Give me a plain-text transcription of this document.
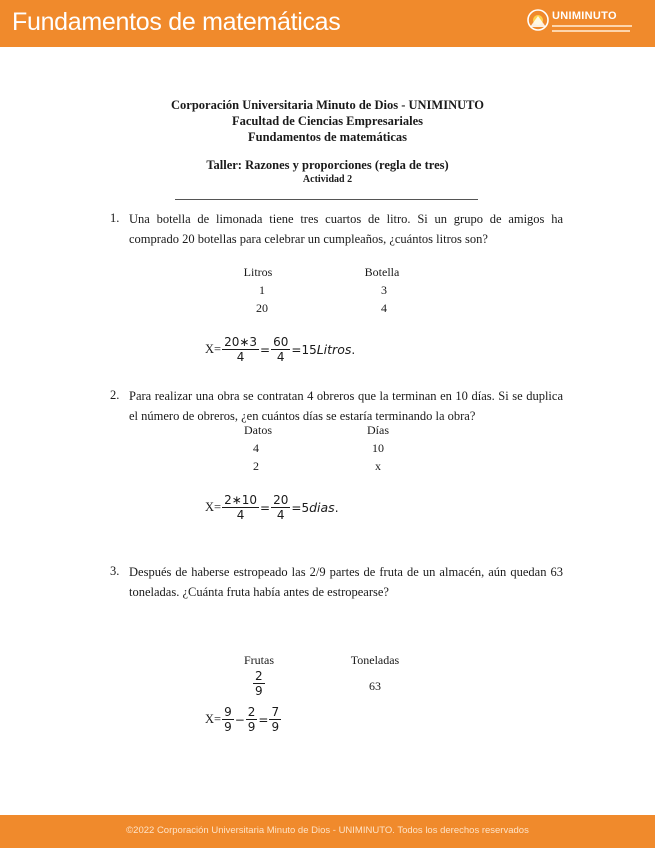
Fundamentos de matemáticas	UNIMINUTO
Corporación Universitaria Minuto de Dios - UNIMINUTO
Facultad de Ciencias Empresariales
Fundamentos de matemáticas
Taller: Razones y proporciones (regla de tres)
Actividad 2
1. Una botella de limonada tiene tres cuartos de litro. Si un grupo de amigos ha comprado 20 botellas para celebrar un cumpleaños, ¿cuántos litros son?
Litros	Botella
1	3
20	4
$X= \frac{20∗3}{4} = \frac{60}{4} =15$ Litros .
2. Para realizar una obra se contratan 4 obreros que la terminan en 10 días. Si se duplica el número de obreros, ¿en cuántos días se estaría terminando la obra?
Datos	Días
4	10
2	x
$X= \frac{2∗10}{4} = \frac{20}{4} =5$ dias .
3. Después de haberse estropeado las 2/9 partes de fruta de un almacén, aún quedan 63 toneladas. ¿Cuánta fruta había antes de estropearse?
Frutas	Toneladas
$\frac{2}{9}$	63
$X= \frac{9}{9} - \frac{2}{9} = \frac{7}{9}$
©2022 Corporación Universitaria Minuto de Dios - UNIMINUTO. Todos los derechos reservados
